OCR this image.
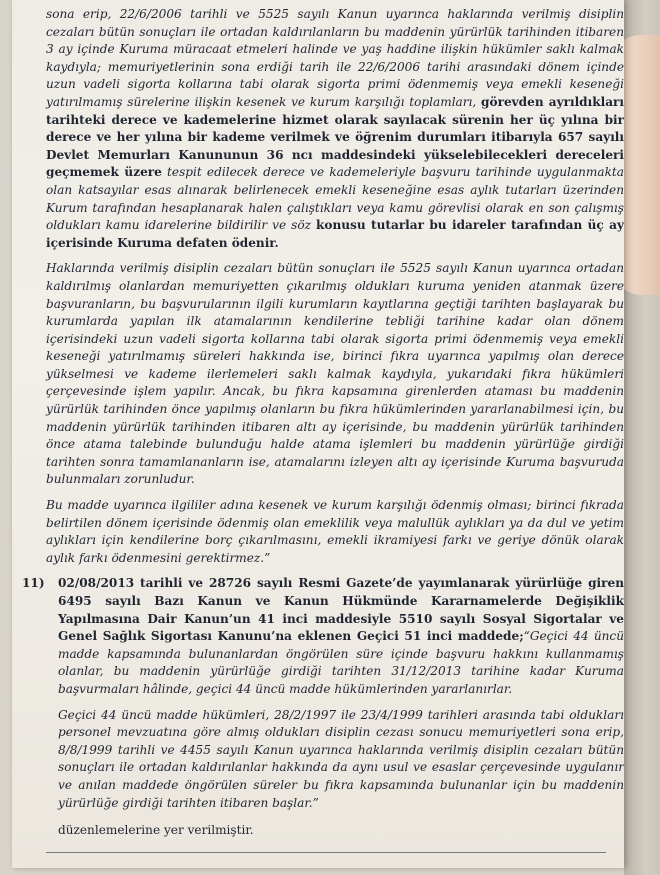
sona erip, 22/6/2006 tarihli ve 5525 sayılı Kanun uyarınca haklarında verilmiş disiplin cezaları bütün sonuçları ile ortadan kaldırılanların bu maddenin yürürlük tarihinden itibaren 3 ay içinde Kuruma müracaat etmeleri halinde ve yaş haddine ilişkin hükümler saklı kalmak kaydıyla; memuriyetlerinin sona erdiği tarih ile 22/6/2006 tarihi arasındaki dönem içinde uzun vadeli sigorta kollarına tabi olarak sigorta primi ödenmemiş veya emekli keseneği yatırılmamış sürelerine ilişkin kesenek ve kurum karşılığı toplamları, görevden ayrıldıkları tarihteki derece ve kademelerine hizmet olarak sayılacak sürenin her üç yılına bir derece ve her yılına bir kademe verilmek ve öğrenim durumları itibarıyla 657 sayılı Devlet Memurları Kanununun 36 ncı maddesindeki yükselebilecekleri dereceleri geçmemek üzere tespit edilecek derece ve kademeleriyle başvuru tarihinde uygulanmakta olan katsayılar esas alınarak belirlenecek emekli keseneğine esas aylık tutarları üzerinden Kurum tarafından hesaplanarak halen çalıştıkları veya kamu görevlisi olarak en son çalışmış oldukları kamu idarelerine bildirilir ve söz konusu tutarlar bu idareler tarafından üç ay içerisinde Kuruma defaten ödenir.

Haklarında verilmiş disiplin cezaları bütün sonuçları ile 5525 sayılı Kanun uyarınca ortadan kaldırılmış olanlardan memuriyetten çıkarılmış oldukları kuruma yeniden atanmak üzere başvuranların, bu başvurularının ilgili kurumların kayıtlarına geçtiği tarihten başlayarak bu kurumlarda yapılan ilk atamalarının kendilerine tebliği tarihine kadar olan dönem içerisindeki uzun vadeli sigorta kollarına tabi olarak sigorta primi ödenmemiş veya emekli keseneği yatırılmamış süreleri hakkında ise, birinci fıkra uyarınca yapılmış olan derece yükselmesi ve kademe ilerlemeleri saklı kalmak kaydıyla, yukarıdaki fıkra hükümleri çerçevesinde işlem yapılır. Ancak, bu fıkra kapsamına girenlerden ataması bu maddenin yürürlük tarihinden önce yapılmış olanların bu fıkra hükümlerinden yararlanabilmesi için, bu maddenin yürürlük tarihinden itibaren altı ay içerisinde, bu maddenin yürürlük tarihinden önce atama talebinde bulunduğu halde atama işlemleri bu maddenin yürürlüğe girdiği tarihten sonra tamamlananların ise, atamalarını izleyen altı ay içerisinde Kuruma başvuruda bulunmaları zorunludur.

Bu madde uyarınca ilgililer adına kesenek ve kurum karşılığı ödenmiş olması; birinci fıkrada belirtilen dönem içerisinde ödenmiş olan emeklilik veya malullük aylıkları ya da dul ve yetim aylıkları için kendilerine borç çıkarılmasını, emekli ikramiyesi farkı ve geriye dönük olarak aylık farkı ödenmesini gerektirmez.”

11)	02/08/2013 tarihli ve 28726 sayılı Resmi Gazete’de yayımlanarak yürürlüğe giren 6495 sayılı Bazı Kanun ve Kanun Hükmünde Kararnamelerde Değişiklik Yapılmasına Dair Kanun’un 41 inci maddesiyle 5510 sayılı Sosyal Sigortalar ve Genel Sağlık Sigortası Kanunu’na eklenen Geçici 51 inci maddede;“Geçici 44 üncü madde kapsamında bulunanlardan öngörülen süre içinde başvuru hakkını kullanmamış olanlar, bu maddenin yürürlüğe girdiği tarihten 31/12/2013 tarihine kadar Kuruma başvurmaları hâlinde, geçici 44 üncü madde hükümlerinden yararlanırlar.

Geçici 44 üncü madde hükümleri, 28/2/1997 ile 23/4/1999 tarihleri arasında tabi oldukları personel mevzuatına göre almış oldukları disiplin cezası sonucu memuriyetleri sona erip, 8/8/1999 tarihli ve 4455 sayılı Kanun uyarınca haklarında verilmiş disiplin cezaları bütün sonuçları ile ortadan kaldırılanlar hakkında da aynı usul ve esaslar çerçevesinde uygulanır ve anılan maddede öngörülen süreler bu fıkra kapsamında bulunanlar için bu maddenin yürürlüğe girdiği tarihten itibaren başlar.”

düzenlemelerine yer verilmiştir.
